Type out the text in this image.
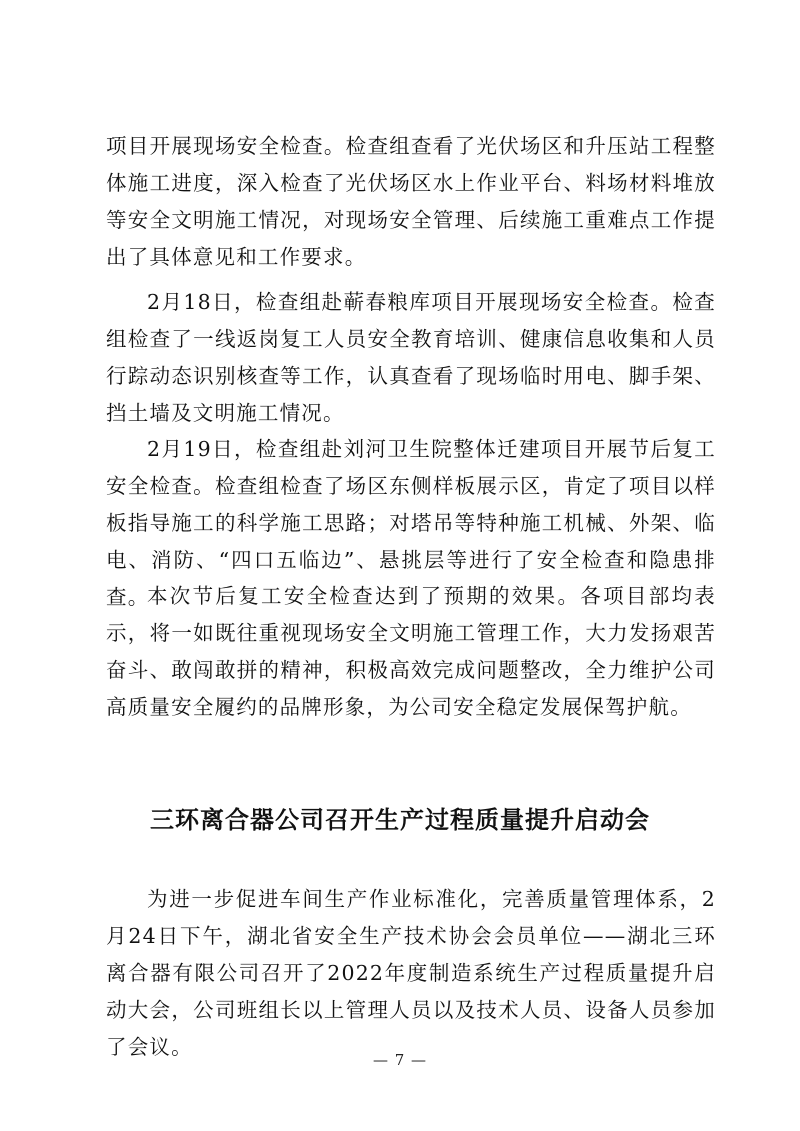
项目开展现场安全检查。检查组查看了光伏场区和升压站工程整体施工进度，深入检查了光伏场区水上作业平台、料场材料堆放等安全文明施工情况，对现场安全管理、后续施工重难点工作提出了具体意见和工作要求。

2月18日，检查组赴蕲春粮库项目开展现场安全检查。检查组检查了一线返岗复工人员安全教育培训、健康信息收集和人员行踪动态识别核查等工作，认真查看了现场临时用电、脚手架、挡土墙及文明施工情况。

2月19日，检查组赴刘河卫生院整体迁建项目开展节后复工安全检查。检查组检查了场区东侧样板展示区，肯定了项目以样板指导施工的科学施工思路；对塔吊等特种施工机械、外架、临电、消防、“四口五临边”、悬挑层等进行了安全检查和隐患排查。

本次节后复工安全检查达到了预期的效果。各项目部均表示，将一如既往重视现场安全文明施工管理工作，大力发扬艰苦奋斗、敢闯敢拼的精神，积极高效完成问题整改，全力维护公司高质量安全履约的品牌形象，为公司安全稳定发展保驾护航。

三环离合器公司召开生产过程质量提升启动会

为进一步促进车间生产作业标准化，完善质量管理体系，2月24日下午，湖北省安全生产技术协会会员单位——湖北三环离合器有限公司召开了2022年度制造系统生产过程质量提升启动大会，公司班组长以上管理人员以及技术人员、设备人员参加了会议。

— 7 —
